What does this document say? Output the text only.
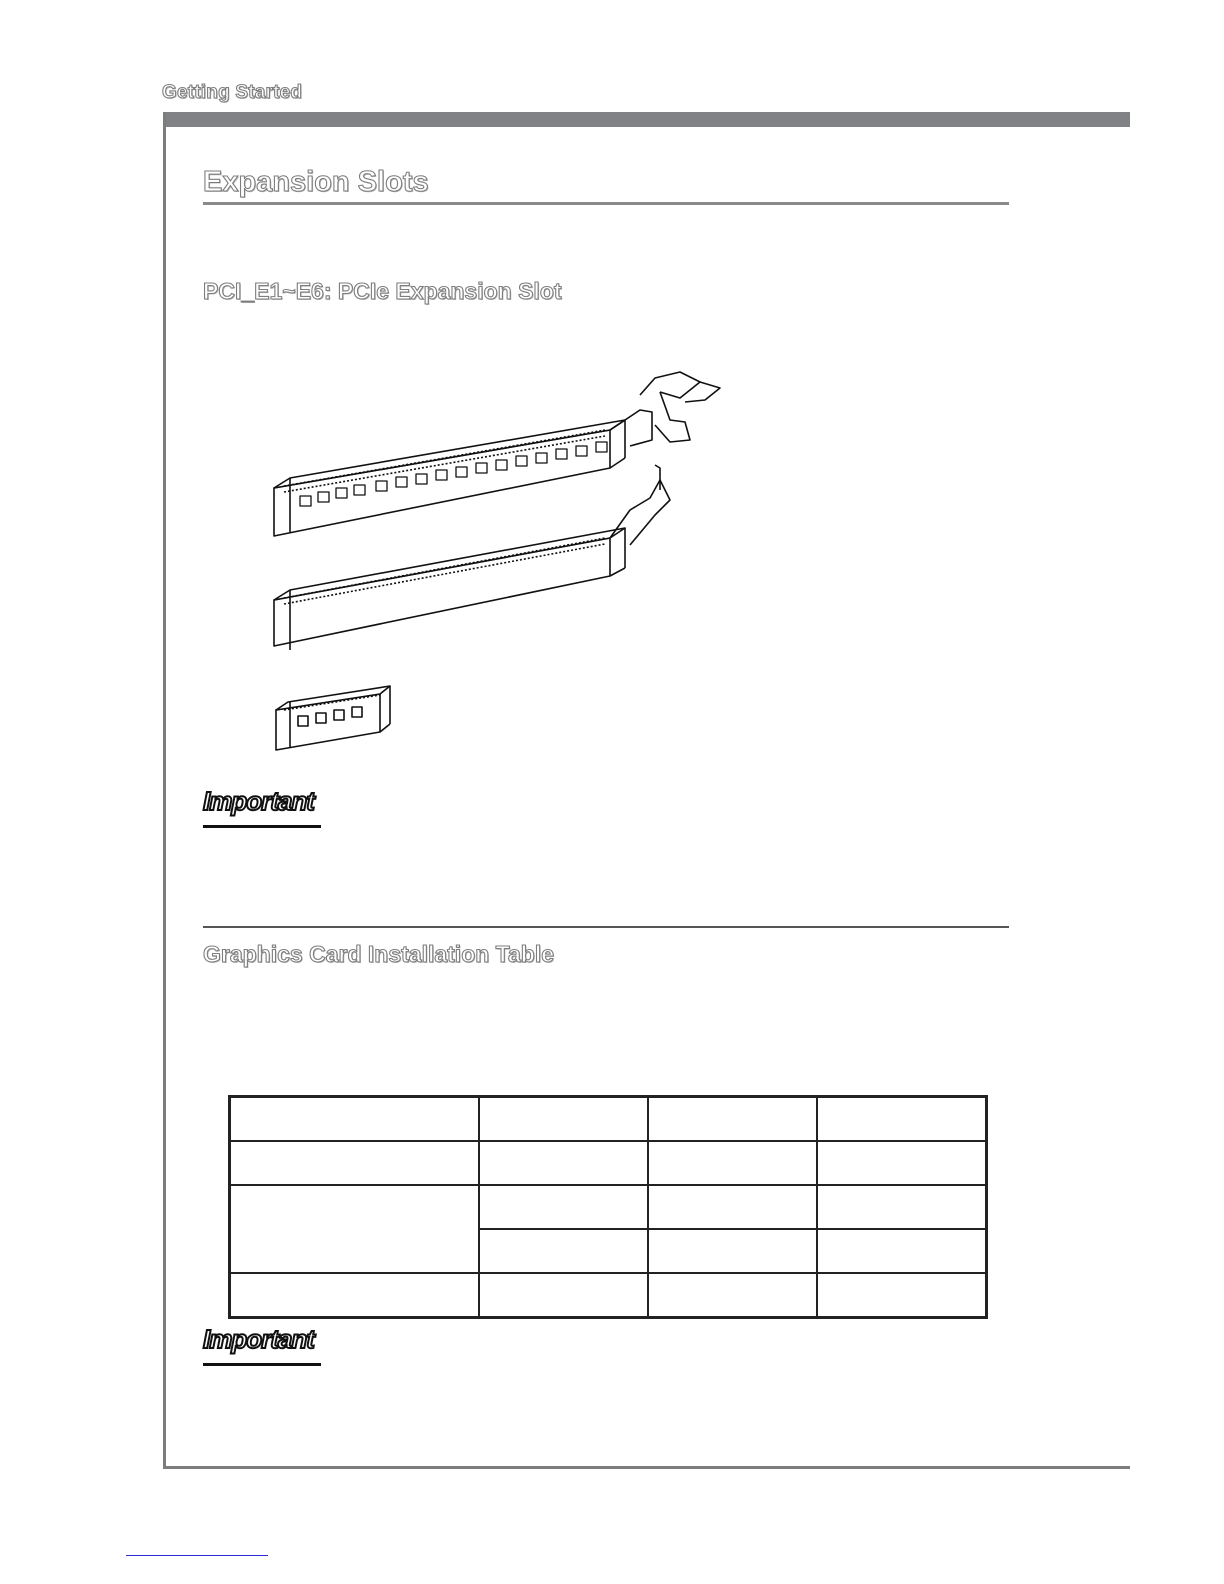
Getting Started
Expansion Slots
PCI_E1~E6: PCIe Expansion Slot
Important
Graphics Card Installation Table

Important
